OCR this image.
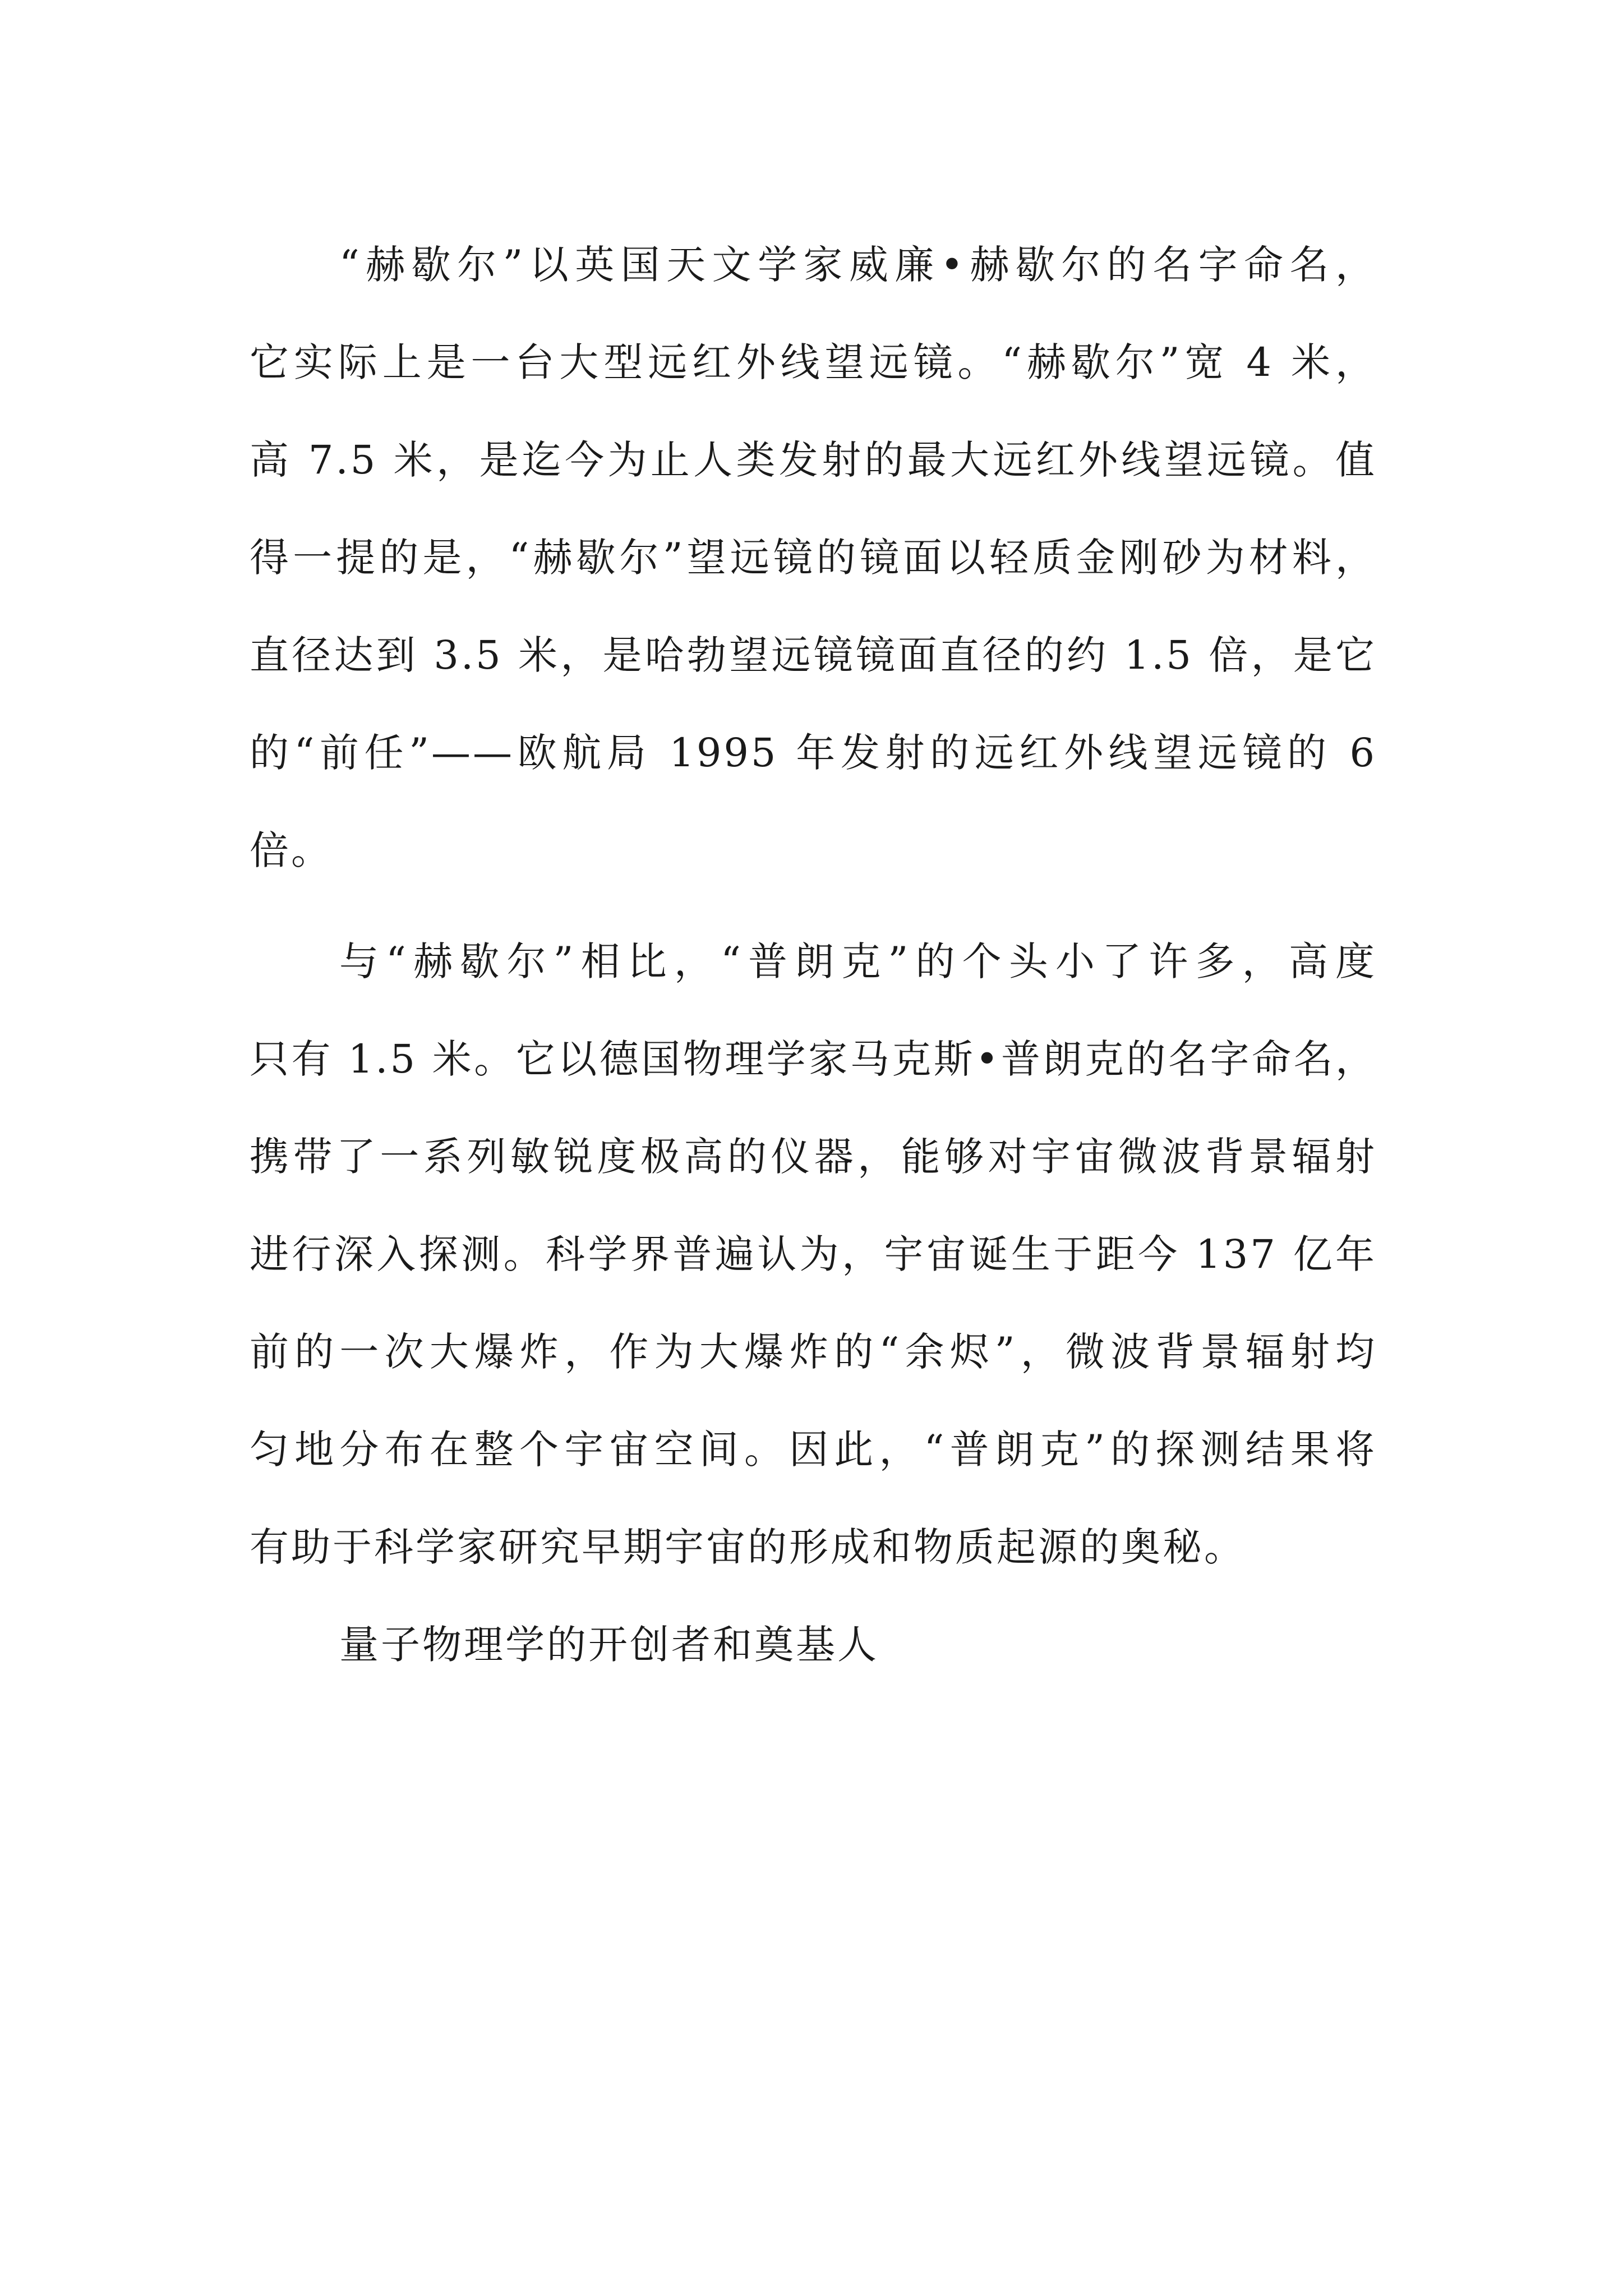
“赫歇尔”以英国天文学家威廉•赫歇尔的名字命名，
它实际上是一台大型远红外线望远镜。“赫歇尔”宽 4 米，
高 7.5 米，是迄今为止人类发射的最大远红外线望远镜。值
得一提的是，“赫歇尔”望远镜的镜面以轻质金刚砂为材料，
直径达到 3.5 米，是哈勃望远镜镜面直径的约 1.5 倍，是它
的“前任”——欧航局 1995 年发射的远红外线望远镜的 6
倍。
与“赫歇尔”相比，“普朗克”的个头小了许多，高度
只有 1.5 米。它以德国物理学家马克斯•普朗克的名字命名，
携带了一系列敏锐度极高的仪器，能够对宇宙微波背景辐射
进行深入探测。科学界普遍认为，宇宙诞生于距今 137 亿年
前的一次大爆炸，作为大爆炸的“余烬”，微波背景辐射均
匀地分布在整个宇宙空间。因此，“普朗克”的探测结果将
有助于科学家研究早期宇宙的形成和物质起源的奥秘。
量子物理学的开创者和奠基人
